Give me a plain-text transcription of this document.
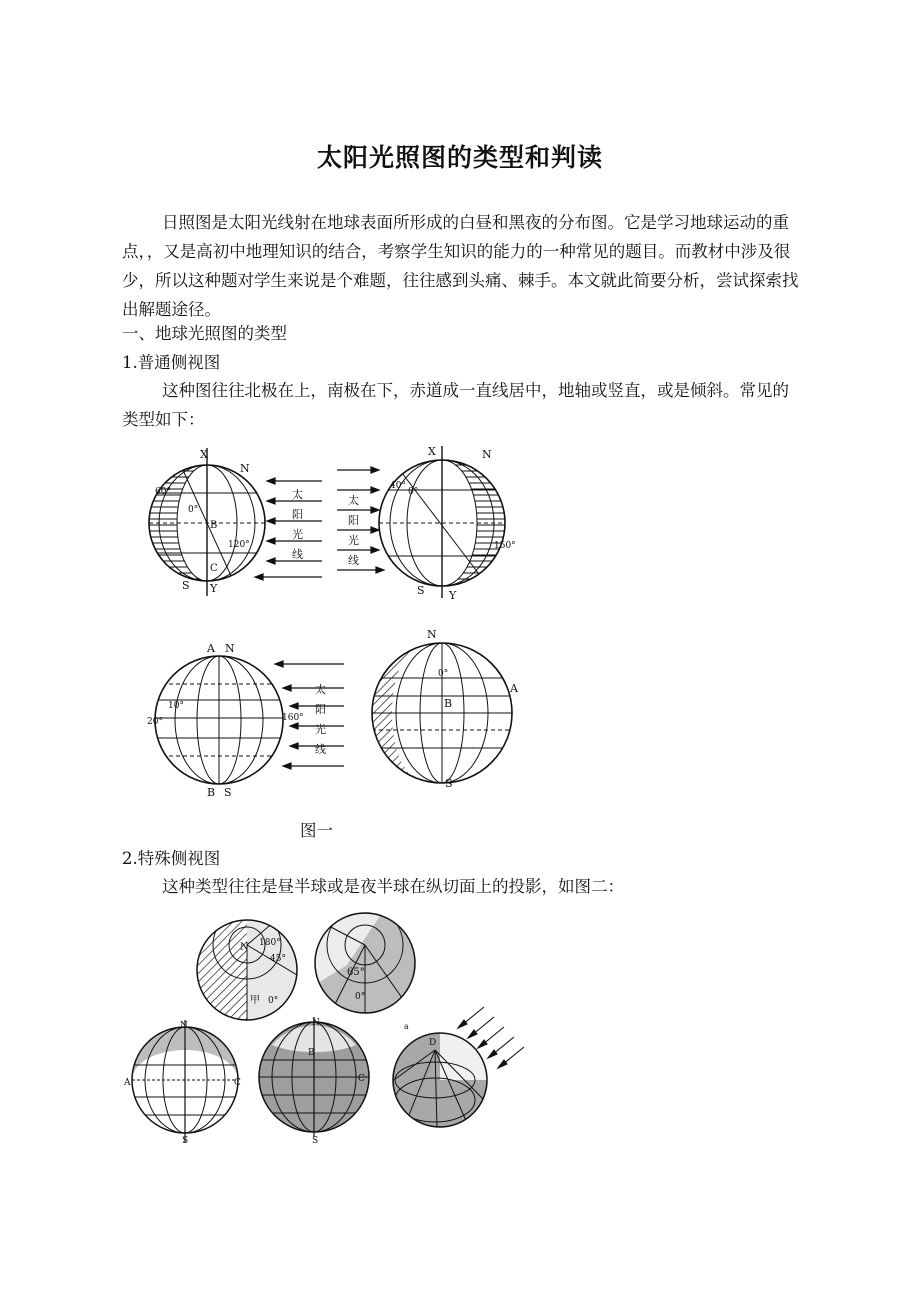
太阳光照图的类型和判读

日照图是太阳光线射在地球表面所形成的白昼和黑夜的分布图。它是学习地球运动的重点，，又是高初中地理知识的结合，考察学生知识的能力的一种常见的题目。而教材中涉及很少，所以这种题对学生来说是个难题，往往感到头痛、棘手。本文就此简要分析，尝试探索找出解题途径。

一、地球光照图的类型

1.普通侧视图

这种图往往北极在上，南极在下，赤道成一直线居中，地轴或竖直，或是倾斜。常见的类型如下：

X
N
S Y
B
C
60°
0°
120°
太
阳
光
线
太
阳
光
线
X	N
S Y
40°
0°
150°
A N
B S
20°
10°
160°
太
阳
光
线
N
A
B
S
0°
图一

2.特殊侧视图

这种类型往往是昼半球或是夜半球在纵切面上的投影，如图二：

N 180°
45°
甲 0°
65°
0°
N
A	C
S
N
B
C
S
a
D
